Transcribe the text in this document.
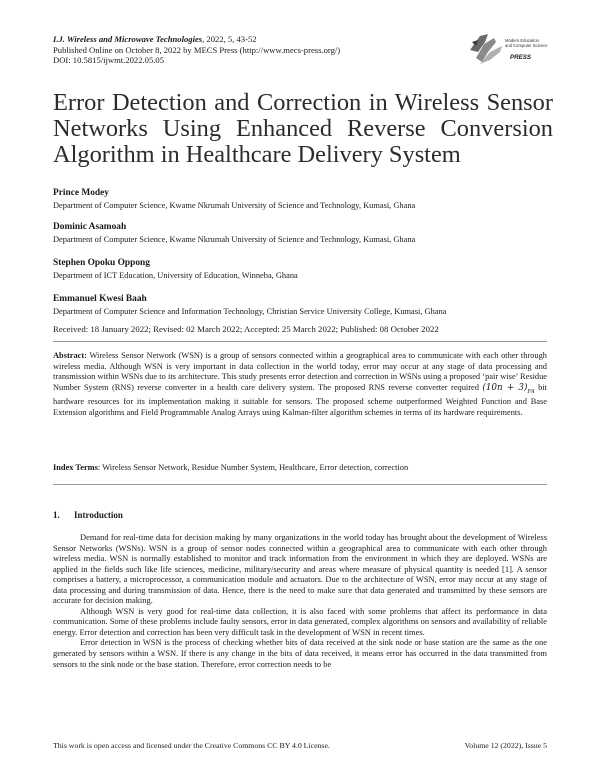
I.J. Wireless and Microwave Technologies, 2022, 5, 43-52
Published Online on October 8, 2022 by MECS Press (http://www.mecs-press.org/)
DOI: 10.5815/ijwmt.2022.05.05
Modern Education
and Computer Science
PRESS
Error Detection and Correction in Wireless Sensor
Networks Using Enhanced Reverse Conversion
Algorithm in Healthcare Delivery System
Prince Modey
Department of Computer Science, Kwame Nkrumah University of Science and Technology, Kumasi, Ghana
Dominic Asamoah
Department of Computer Science, Kwame Nkrumah University of Science and Technology, Kumasi, Ghana
Stephen Opoku Oppong
Department of ICT Education, University of Education, Winneba, Ghana
Emmanuel Kwesi Baah
Department of Computer Science and Information Technology, Christian Service University College, Kumasi, Ghana
Received: 18 January 2022; Revised: 02 March 2022; Accepted: 25 March 2022; Published: 08 October 2022
Abstract: Wireless Sensor Network (WSN) is a group of sensors connected within a geographical area to communicate with each other through wireless media. Although WSN is very important in data collection in the world today, error may occur at any stage of data processing and transmission within WSNs due to its architecture. This study presents error detection and correction in WSNs using a proposed ‘pair wise’ Residue Number System (RNS) reverse converter in a health care delivery system. The proposed RNS reverse converter required $(10n + 3)_{FA}$ bit hardware resources for its implementation making it suitable for sensors. The proposed scheme outperformed Weighted Function and Base Extension algorithms and Field Programmable Analog Arrays using Kalman-filter algorithm schemes in terms of its hardware requirements.
Index Terms: Wireless Sensor Network, Residue Number System, Healthcare, Error detection, correction
1. Introduction

Demand for real-time data for decision making by many organizations in the world today has brought about the development of Wireless Sensor Networks (WSNs). WSN is a group of sensor nodes connected within a geographical area to communicate with each other through wireless media. WSN is normally established to monitor and track information from the environment in which they are deployed. WSNs are applied in the fields such like life sciences, medicine, military/security and areas where measure of physical quantity is needed [1]. A sensor comprises a battery, a microprocessor, a communication module and actuators. Due to the architecture of WSN, error may occur at any stage of data processing and during transmission of data. Hence, there is the need to make sure that data generated and transmitted by these sensors are accurate for decision making.

Although WSN is very good for real-time data collection, it is also faced with some problems that affect its performance in data communication. Some of these problems include faulty sensors, error in data generated, complex algorithms on sensors and availability of reliable energy. Error detection and correction has been very difficult task in the development of WSN in recent times.

Error detection in WSN is the process of checking whether bits of data received at the sink node or base station are the same as the one generated by sensors within a WSN. If there is any change in the bits of data received, it means error has occurred in the data transmitted from sensors to the sink node or the base station. Therefore, error correction needs to be

This work is open access and licensed under the Creative Commons CC BY 4.0 License.	Volume 12 (2022), Issue 5
